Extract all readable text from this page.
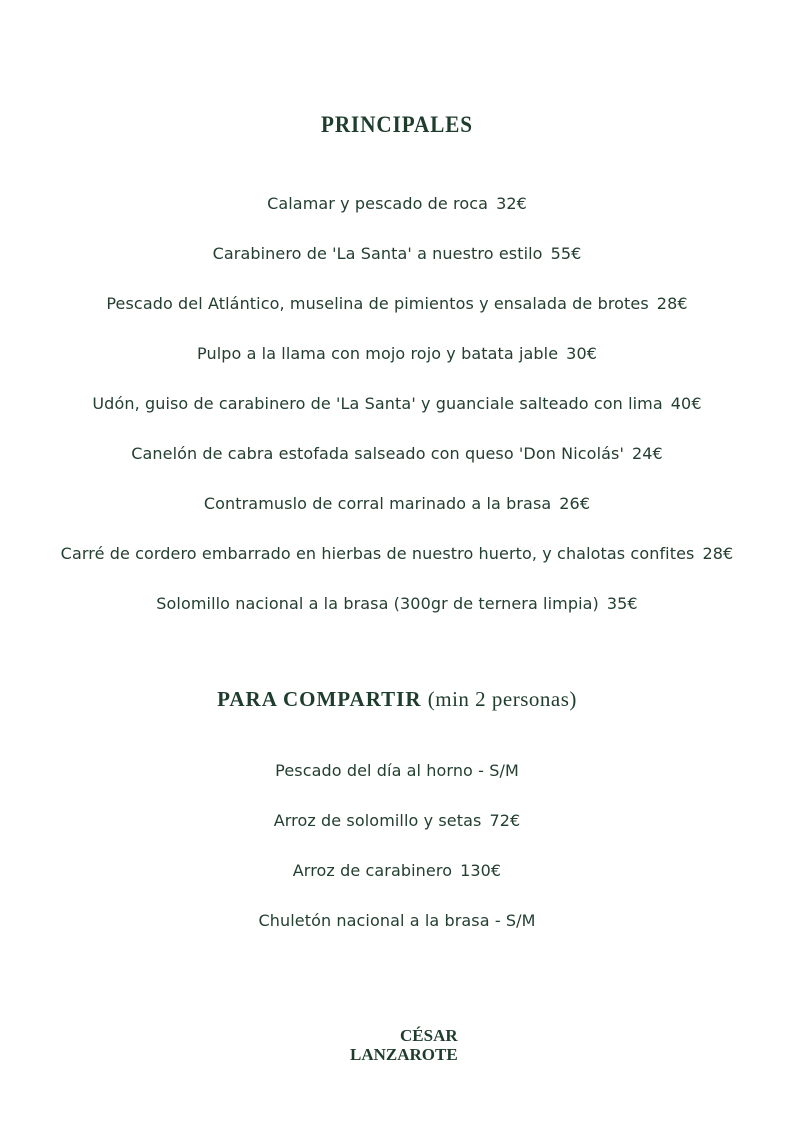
PRINCIPALES
Calamar y pescado de roca 32€
Carabinero de 'La Santa' a nuestro estilo 55€
Pescado del Atlántico, muselina de pimientos y ensalada de brotes 28€
Pulpo a la llama con mojo rojo y batata jable 30€
Udón, guiso de carabinero de 'La Santa' y guanciale salteado con lima 40€
Canelón de cabra estofada salseado con queso 'Don Nicolás' 24€
Contramuslo de corral marinado a la brasa 26€
Carré de cordero embarrado en hierbas de nuestro huerto, y chalotas confites 28€
Solomillo nacional a la brasa (300gr de ternera limpia) 35€
PARA COMPARTIR (min 2 personas)
Pescado del día al horno - S/M
Arroz de solomillo y setas 72€
Arroz de carabinero 130€
Chuletón nacional a la brasa - S/M
CÉSAR
LANZAROTE
